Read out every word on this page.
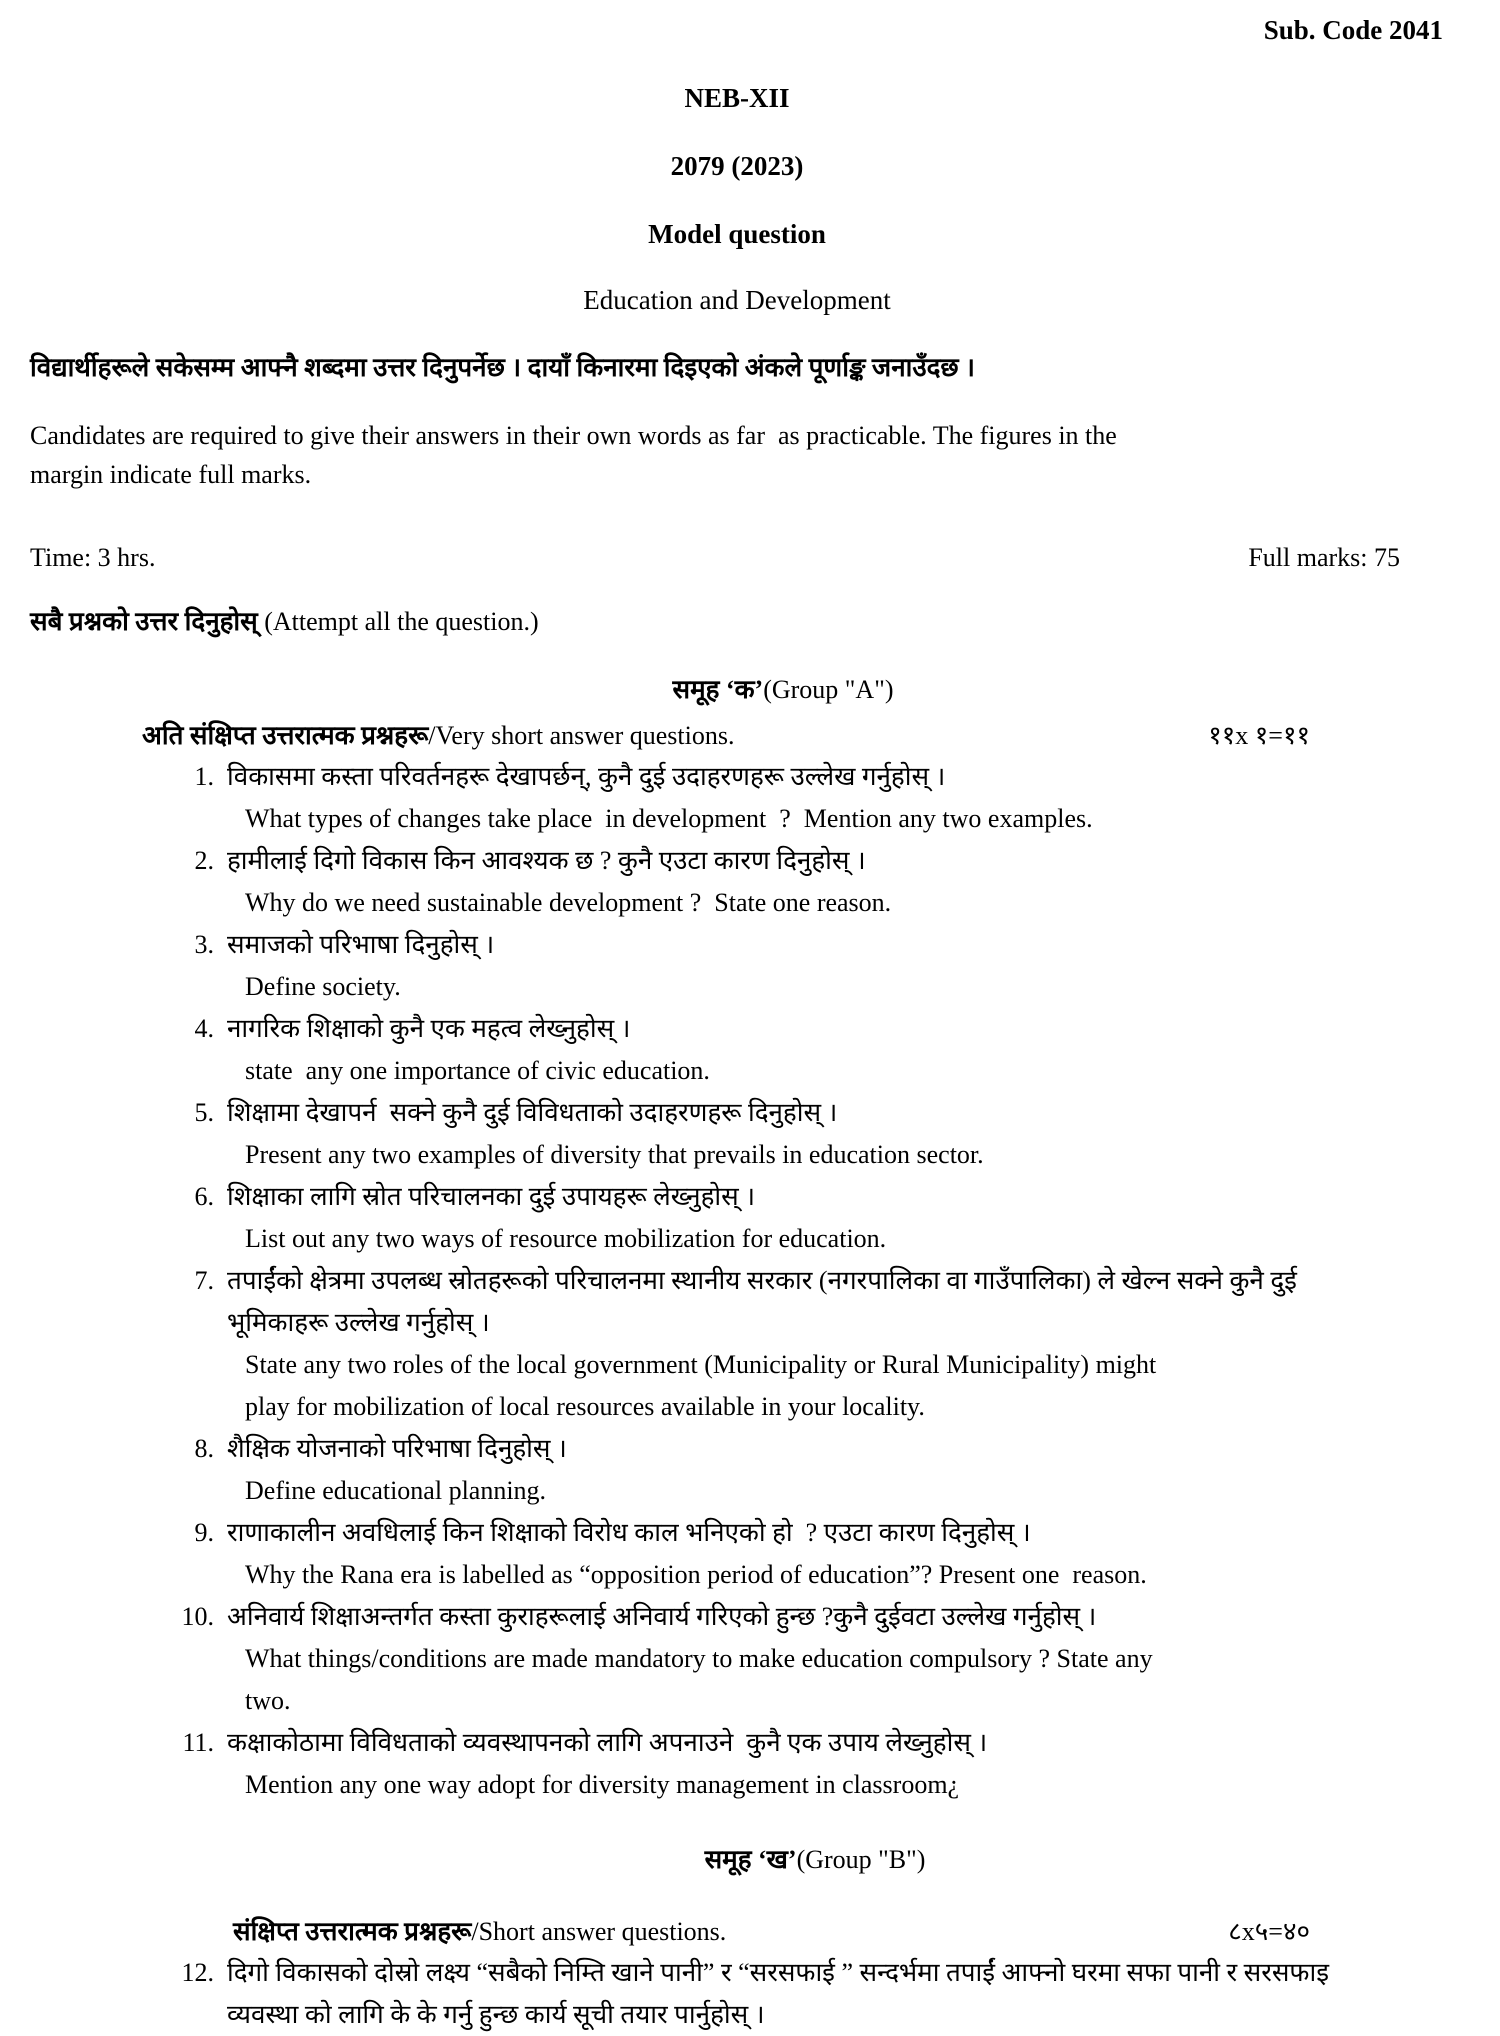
Sub. Code 2041
NEB-XII
2079 (2023)
Model question
Education and Development
विद्यार्थीहरूले सकेसम्म आफ्नै शब्दमा उत्तर दिनुपर्नेछ । दायाँ किनारमा दिइएको अंकले पूर्णाङ्क जनाउँदछ ।
Candidates are required to give their answers in their own words as far  as practicable. The figures in the
margin indicate full marks.
Time: 3 hrs.	Full marks: 75
सबै प्रश्नको उत्तर दिनुहोस् (Attempt all the question.)
समूह ‘क’(Group "A")
अति संक्षिप्त उत्तरात्मक प्रश्नहरू/Very short answer questions.	११x १=११
1. विकासमा कस्ता परिवर्तनहरू देखापर्छन्, कुनै दुई उदाहरणहरू उल्लेख गर्नुहोस् ।
What types of changes take place  in development  ?  Mention any two examples.
2. हामीलाई दिगो विकास किन आवश्यक छ ? कुनै एउटा कारण दिनुहोस् ।
Why do we need sustainable development ?  State one reason.
3. समाजको परिभाषा दिनुहोस् ।
Define society.
4. नागरिक शिक्षाको कुनै एक महत्व लेख्नुहोस् ।
state  any one importance of civic education.
5. शिक्षामा देखापर्न  सक्ने कुनै दुई विविधताको उदाहरणहरू दिनुहोस् ।
Present any two examples of diversity that prevails in education sector.
6. शिक्षाका लागि स्रोत परिचालनका दुई उपायहरू लेख्नुहोस् ।
List out any two ways of resource mobilization for education.
7. तपाईंको क्षेत्रमा उपलब्ध स्रोतहरूको परिचालनमा स्थानीय सरकार (नगरपालिका वा गाउँपालिका) ले खेल्न सक्ने कुनै दुई
भूमिकाहरू उल्लेख गर्नुहोस् ।
State any two roles of the local government (Municipality or Rural Municipality) might
play for mobilization of local resources available in your locality.
8. शैक्षिक योजनाको परिभाषा दिनुहोस् ।
Define educational planning.
9. राणाकालीन अवधिलाई किन शिक्षाको विरोध काल भनिएको हो  ? एउटा कारण दिनुहोस् ।
Why the Rana era is labelled as “opposition period of education”? Present one  reason.
10. अनिवार्य शिक्षाअन्तर्गत कस्ता कुराहरूलाई अनिवार्य गरिएको हुन्छ ?कुनै दुईवटा उल्लेख गर्नुहोस् ।
What things/conditions are made mandatory to make education compulsory ? State any
two.
11. कक्षाकोठामा विविधताको व्यवस्थापनको लागि अपनाउने  कुनै एक उपाय लेख्नुहोस् ।
Mention any one way adopt for diversity management in classroom¿
समूह ‘ख’(Group "B")
संक्षिप्त उत्तरात्मक प्रश्नहरू/Short answer questions.	८x५=४०
12. दिगो विकासको दोस्रो लक्ष्य “सबैको निम्ति खाने पानी” र “सरसफाई ” सन्दर्भमा तपाईं आफ्नो घरमा सफा पानी र सरसफाइ
व्यवस्था को लागि के के गर्नु हुन्छ कार्य सूची तयार पार्नुहोस् ।
